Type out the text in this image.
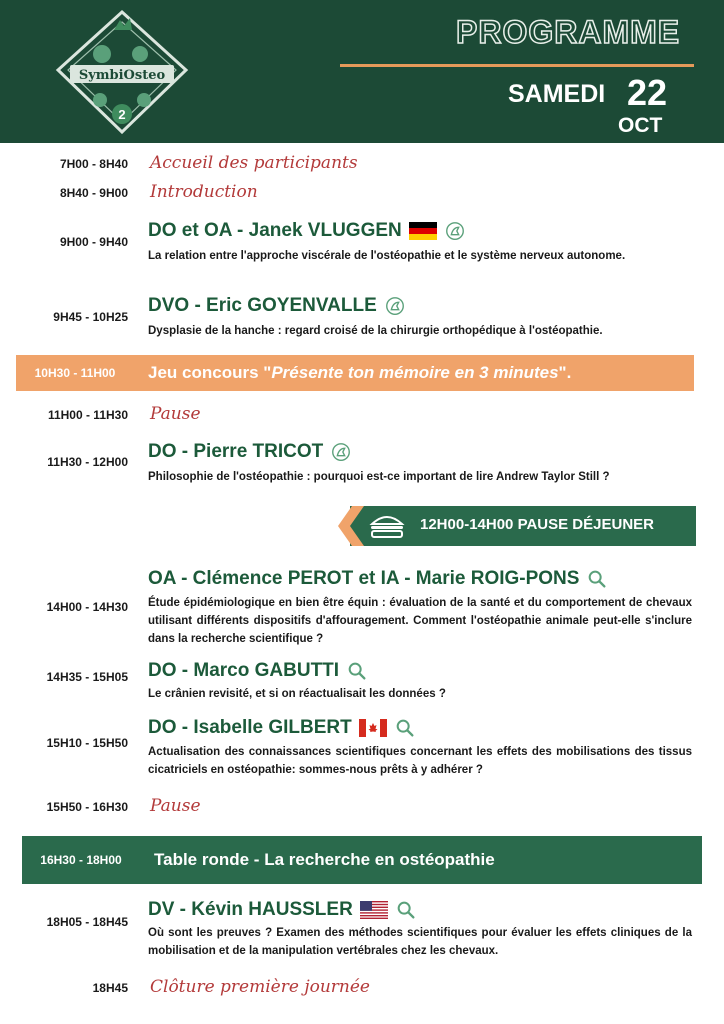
SymbiOsteo
2
PROGRAMME
SAMEDI 22
OCT
7H00 - 8H40 Accueil des participants
8H40 - 9H00 Introduction
9H00 - 9H40
DO et OA - Janek VLUGGEN
La relation entre l'approche viscérale de l'ostéopathie et le système nerveux autonome.
9H45 - 10H25
DVO - Eric GOYENVALLE
Dysplasie de la hanche : regard croisé de la chirurgie orthopédique à l'ostéopathie.
10H30 - 11H00	Jeu concours "Présente ton mémoire en 3 minutes".
11H00 - 11H30 Pause
11H30 - 12H00 DO - Pierre TRICOT
Philosophie de l'ostéopathie : pourquoi est-ce important de lire Andrew Taylor Still ?
12H00-14H00 PAUSE DÉJEUNER
14H00 - 14H30
OA - Clémence PEROT et IA - Marie ROIG-PONS
Étude épidémiologique en bien être équin : évaluation de la santé et du comportement de chevaux utilisant différents dispositifs d'affouragement. Comment l'ostéopathie animale peut-elle s'inclure dans la recherche scientifique ?
14H35 - 15H05 DO - Marco GABUTTI
Le crânien revisité, et si on réactualisait les données ?
15H10 - 15H50
DO - Isabelle GILBERT
Actualisation des connaissances scientifiques concernant les effets des mobilisations des tissus cicatriciels en ostéopathie: sommes-nous prêts à y adhérer ?
15H50 - 16H30 Pause
16H30 - 18H00	Table ronde - La recherche en ostéopathie
18H05 - 18H45
DV - Kévin HAUSSLER
Où sont les preuves ? Examen des méthodes scientifiques pour évaluer les effets cliniques de la mobilisation et de la manipulation vertébrales chez les chevaux.
18H45 Clôture première journée
